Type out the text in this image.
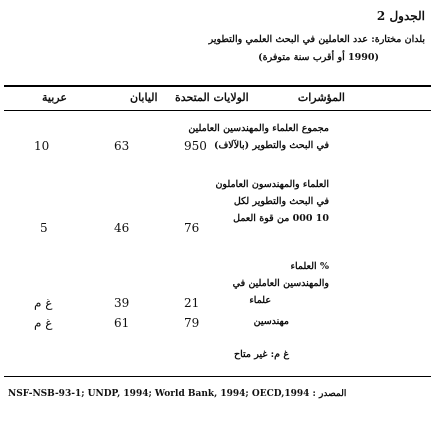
الجدول 2
بلدان مختارة: عدد العاملين في البحث العلمي والتطوير
(1990 أو أقرب سنة متوفرة)
المؤشرات
الولايات المتحدة
اليابان
عربية
مجموع العلماء والمهندسين العاملين
في البحث والتطوير (بالآلاف)
950
63
10
العلماء والمهندسون العاملون
في البحث والتطوير لكل
10 000 من قوة العمل
76
46
5
% العلماء
والمهندسين العاملين في
علماء
21
39
غ م
مهندسين
79
61
غ م
غ م: غير متاح
NSF-NSB-93-1; UNDP, 1994; World Bank, 1994; OECD,1994 : المصدر
